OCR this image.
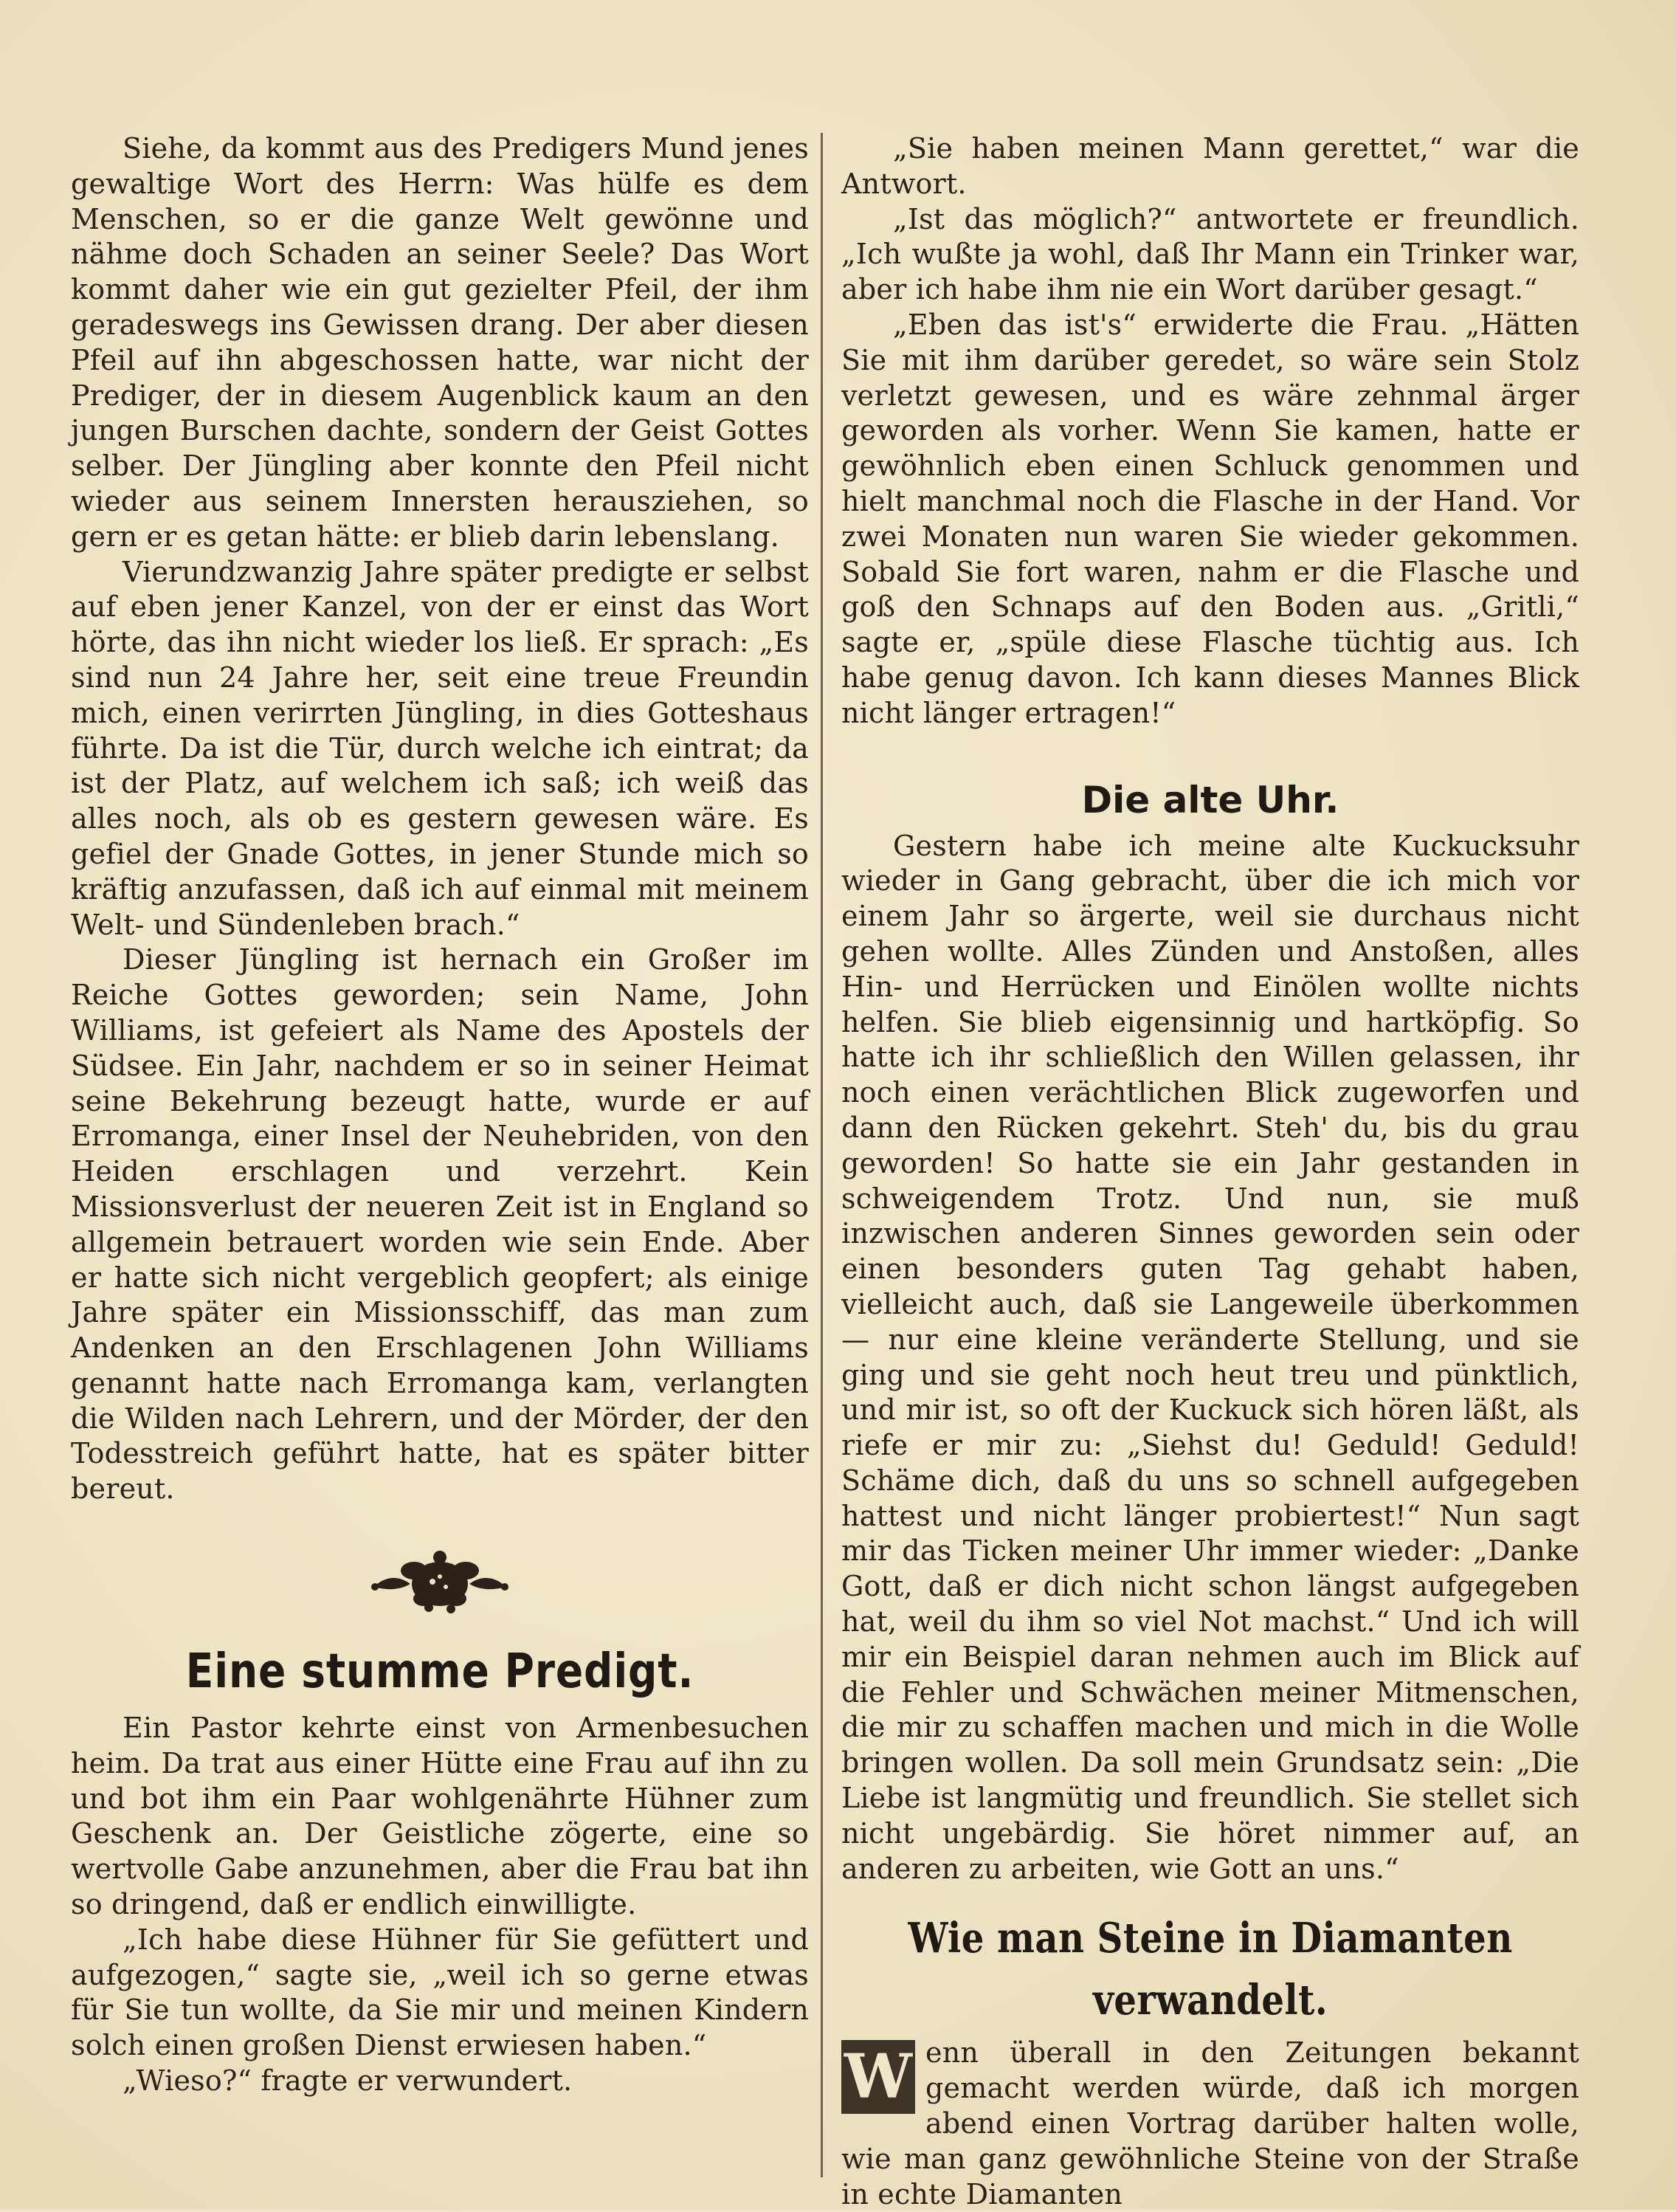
Siehe, da kommt aus des Predigers Mund jenes gewaltige Wort des Herrn: Was hülfe es dem Menschen, so er die ganze Welt gewönne und nähme doch Schaden an seiner Seele? Das Wort kommt daher wie ein gut gezielter Pfeil, der ihm geradeswegs ins Gewissen drang. Der aber diesen Pfeil auf ihn abgeschossen hatte, war nicht der Prediger, der in diesem Augenblick kaum an den jungen Burschen dachte, sondern der Geist Gottes selber. Der Jüngling aber konnte den Pfeil nicht wieder aus seinem Innersten herausziehen, so gern er es getan hätte: er blieb darin lebenslang.

Vierundzwanzig Jahre später predigte er selbst auf eben jener Kanzel, von der er einst das Wort hörte, das ihn nicht wieder los ließ. Er sprach: „Es sind nun 24 Jahre her, seit eine treue Freundin mich, einen verirrten Jüngling, in dies Gotteshaus führte. Da ist die Tür, durch welche ich eintrat; da ist der Platz, auf welchem ich saß; ich weiß das alles noch, als ob es gestern gewesen wäre. Es gefiel der Gnade Gottes, in jener Stunde mich so kräftig anzufassen, daß ich auf einmal mit meinem Welt- und Sündenleben brach.“

Dieser Jüngling ist hernach ein Großer im Reiche Gottes geworden; sein Name, John Williams, ist gefeiert als Name des Apostels der Südsee. Ein Jahr, nachdem er so in seiner Heimat seine Bekehrung bezeugt hatte, wurde er auf Erromanga, einer Insel der Neuhebriden, von den Heiden erschlagen und verzehrt. Kein Missionsverlust der neueren Zeit ist in England so allgemein betrauert worden wie sein Ende. Aber er hatte sich nicht vergeblich geopfert; als einige Jahre später ein Missionsschiff, das man zum Andenken an den Erschlagenen John Williams genannt hatte nach Erromanga kam, verlangten die Wilden nach Lehrern, und der Mörder, der den Todesstreich geführt hatte, hat es später bitter bereut.

Eine stumme Predigt.

Ein Pastor kehrte einst von Armenbesuchen heim. Da trat aus einer Hütte eine Frau auf ihn zu und bot ihm ein Paar wohlgenährte Hühner zum Geschenk an. Der Geistliche zögerte, eine so wertvolle Gabe anzunehmen, aber die Frau bat ihn so dringend, daß er endlich einwilligte.

„Ich habe diese Hühner für Sie gefüttert und aufgezogen,“ sagte sie, „weil ich so gerne etwas für Sie tun wollte, da Sie mir und meinen Kindern solch einen großen Dienst erwiesen haben.“

„Wieso?“ fragte er verwundert.

„Sie haben meinen Mann gerettet,“ war die Antwort.

„Ist das möglich?“ antwortete er freundlich. „Ich wußte ja wohl, daß Ihr Mann ein Trinker war, aber ich habe ihm nie ein Wort darüber gesagt.“

„Eben das ist's“ erwiderte die Frau. „Hätten Sie mit ihm darüber geredet, so wäre sein Stolz verletzt gewesen, und es wäre zehnmal ärger geworden als vorher. Wenn Sie kamen, hatte er gewöhnlich eben einen Schluck genommen und hielt manchmal noch die Flasche in der Hand. Vor zwei Monaten nun waren Sie wieder gekommen. Sobald Sie fort waren, nahm er die Flasche und goß den Schnaps auf den Boden aus. „Gritli,“ sagte er, „spüle diese Flasche tüchtig aus. Ich habe genug davon. Ich kann dieses Mannes Blick nicht länger ertragen!“

Die alte Uhr.

Gestern habe ich meine alte Kuckucksuhr wieder in Gang gebracht, über die ich mich vor einem Jahr so ärgerte, weil sie durchaus nicht gehen wollte. Alles Zünden und Anstoßen, alles Hin- und Herrücken und Einölen wollte nichts helfen. Sie blieb eigensinnig und hartköpfig. So hatte ich ihr schließlich den Willen gelassen, ihr noch einen verächtlichen Blick zugeworfen und dann den Rücken gekehrt. Steh' du, bis du grau geworden! So hatte sie ein Jahr gestanden in schweigendem Trotz. Und nun, sie muß inzwischen anderen Sinnes geworden sein oder einen besonders guten Tag gehabt haben, vielleicht auch, daß sie Langeweile überkommen — nur eine kleine veränderte Stellung, und sie ging und sie geht noch heut treu und pünktlich, und mir ist, so oft der Kuckuck sich hören läßt, als riefe er mir zu: „Siehst du! Geduld! Geduld! Schäme dich, daß du uns so schnell aufgegeben hattest und nicht länger probiertest!“ Nun sagt mir das Ticken meiner Uhr immer wieder: „Danke Gott, daß er dich nicht schon längst aufgegeben hat, weil du ihm so viel Not machst.“ Und ich will mir ein Beispiel daran nehmen auch im Blick auf die Fehler und Schwächen meiner Mitmenschen, die mir zu schaffen machen und mich in die Wolle bringen wollen. Da soll mein Grundsatz sein: „Die Liebe ist langmütig und freundlich. Sie stellet sich nicht ungebärdig. Sie höret nimmer auf, an anderen zu arbeiten, wie Gott an uns.“

Wie man Steine in Diamanten verwandelt.

W enn überall in den Zeitungen bekannt gemacht werden würde, daß ich morgen abend einen Vortrag darüber halten wolle, wie man ganz gewöhnliche Steine von der Straße in echte Diamanten
